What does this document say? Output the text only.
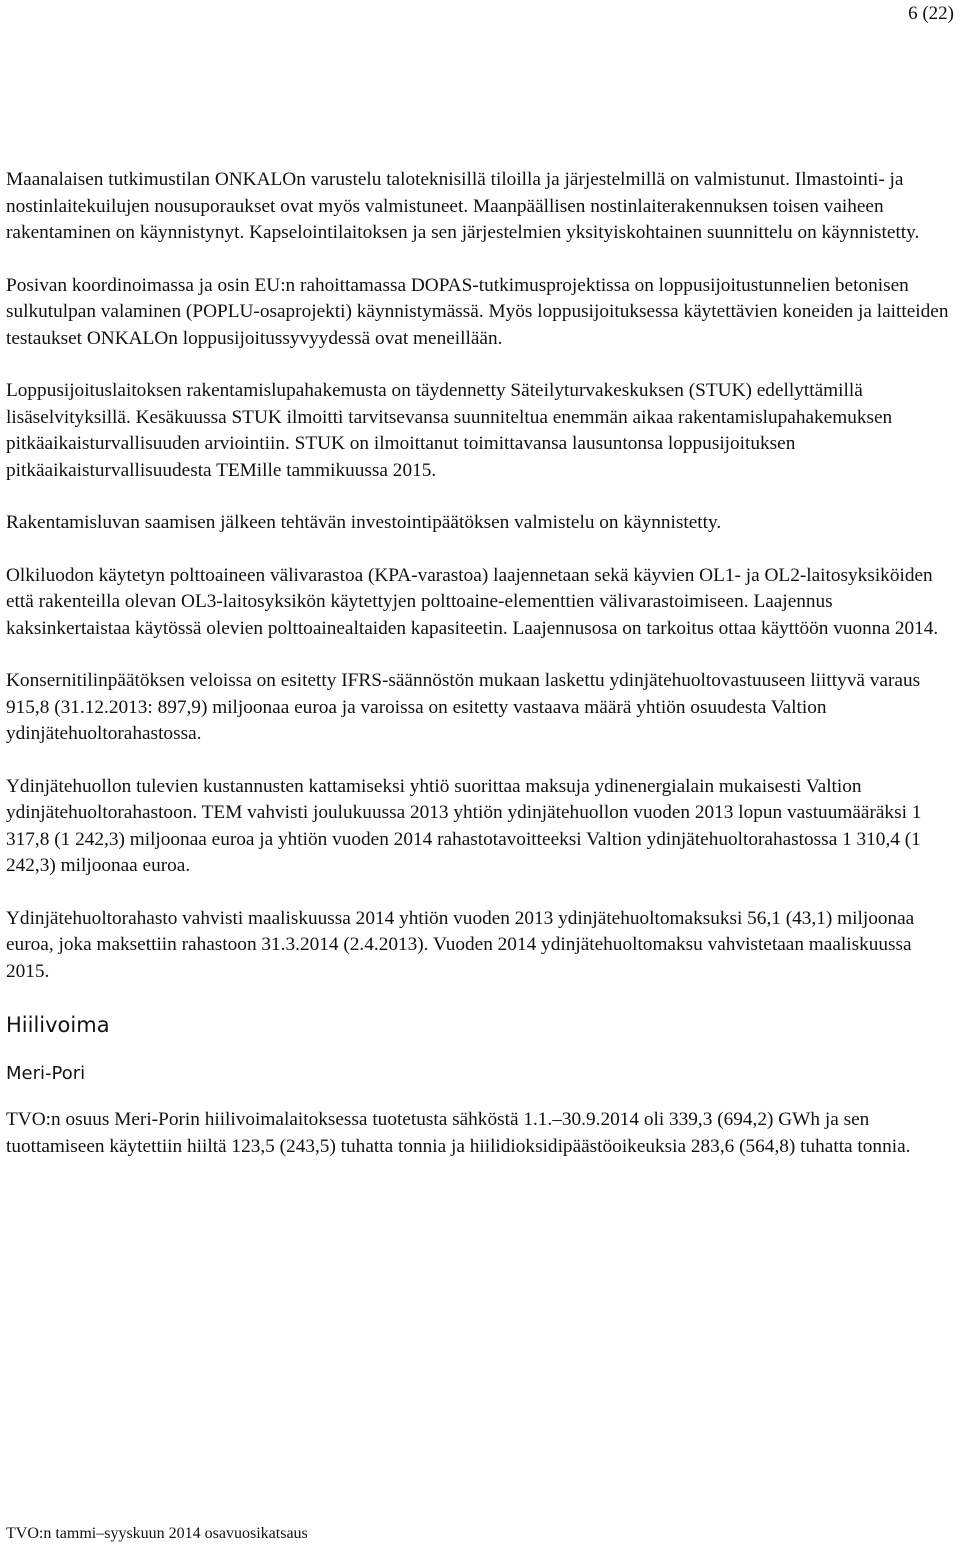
6 (22)

Maanalaisen tutkimustilan ONKALOn varustelu taloteknisillä tiloilla ja järjestelmillä on valmistunut. Ilmastointi- ja nostinlaitekuilujen nousuporaukset ovat myös valmistuneet. Maanpäällisen nostinlaiterakennuksen toisen vaiheen rakentaminen on käynnistynyt. Kapselointilaitoksen ja sen järjestelmien yksityiskohtainen suunnittelu on käynnistetty.

Posivan koordinoimassa ja osin EU:n rahoittamassa DOPAS-tutkimusprojektissa on loppusijoitustunnelien betonisen sulkutulpan valaminen (POPLU-osaprojekti) käynnistymässä. Myös loppusijoituksessa käytettävien koneiden ja laitteiden testaukset ONKALOn loppusijoitussyvyydessä ovat meneillään.

Loppusijoituslaitoksen rakentamislupahakemusta on täydennetty Säteilyturvakeskuksen (STUK) edellyttämillä lisäselvityksillä. Kesäkuussa STUK ilmoitti tarvitsevansa suunniteltua enemmän aikaa rakentamislupahakemuksen pitkäaikaisturvallisuuden arviointiin. STUK on ilmoittanut toimittavansa lausuntonsa loppusijoituksen pitkäaikaisturvallisuudesta TEMille tammikuussa 2015.

Rakentamisluvan saamisen jälkeen tehtävän investointipäätöksen valmistelu on käynnistetty.

Olkiluodon käytetyn polttoaineen välivarastoa (KPA-varastoa) laajennetaan sekä käyvien OL1- ja OL2-laitosyksiköiden että rakenteilla olevan OL3-laitosyksikön käytettyjen polttoaine-elementtien välivarastoimiseen. Laajennus kaksinkertaistaa käytössä olevien polttoainealtaiden kapasiteetin. Laajennusosa on tarkoitus ottaa käyttöön vuonna 2014.

Konsernitilinpäätöksen veloissa on esitetty IFRS-säännöstön mukaan laskettu ydinjätehuoltovastuuseen liittyvä varaus 915,8 (31.12.2013: 897,9) miljoonaa euroa ja varoissa on esitetty vastaava määrä yhtiön osuudesta Valtion ydinjätehuoltorahastossa.

Ydinjätehuollon tulevien kustannusten kattamiseksi yhtiö suorittaa maksuja ydinenergialain mukaisesti Valtion ydinjätehuoltorahastoon. TEM vahvisti joulukuussa 2013 yhtiön ydinjätehuollon vuoden 2013 lopun vastuumääräksi 1 317,8 (1 242,3) miljoonaa euroa ja yhtiön vuoden 2014 rahastotavoitteeksi Valtion ydinjätehuoltorahastossa 1 310,4 (1 242,3) miljoonaa euroa.

Ydinjätehuoltorahasto vahvisti maaliskuussa 2014 yhtiön vuoden 2013 ydinjätehuoltomaksuksi 56,1 (43,1) miljoonaa euroa, joka maksettiin rahastoon 31.3.2014 (2.4.2013). Vuoden 2014 ydinjätehuoltomaksu vahvistetaan maaliskuussa 2015.

Hiilivoima
Meri-Pori

TVO:n osuus Meri-Porin hiilivoimalaitoksessa tuotetusta sähköstä 1.1.–30.9.2014 oli 339,3 (694,2) GWh ja sen tuottamiseen käytettiin hiiltä 123,5 (243,5) tuhatta tonnia ja hiilidioksidipäästöoikeuksia 283,6 (564,8) tuhatta tonnia.

TVO:n tammi–syyskuun 2014 osavuosikatsaus
